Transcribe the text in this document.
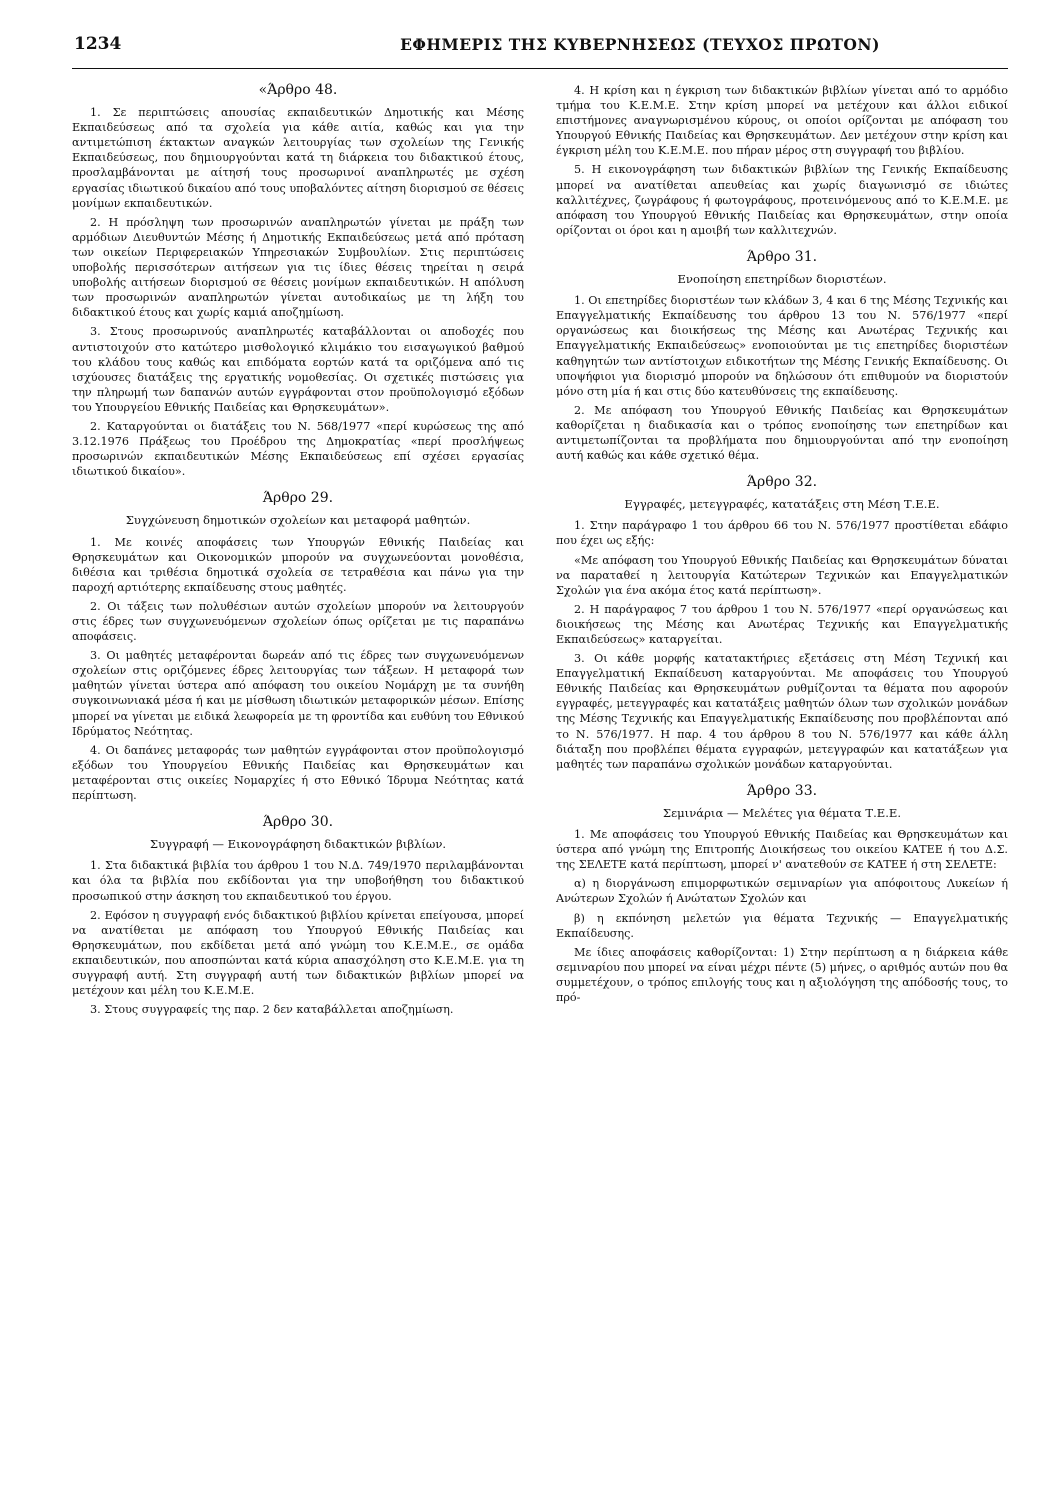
1234	ΕΦΗΜΕΡΙΣ ΤΗΣ ΚΥΒΕΡΝΗΣΕΩΣ (ΤΕΥΧΟΣ ΠΡΩΤΟΝ)

«Άρθρο 48.

1. Σε περιπτώσεις απουσίας εκπαιδευτικών Δημοτικής και Μέσης Εκπαιδεύσεως από τα σχολεία για κάθε αιτία, καθώς και για την αντιμετώπιση έκτακτων αναγκών λειτουργίας των σχολείων της Γενικής Εκπαιδεύσεως, που δημιουργούνται κατά τη διάρκεια του διδακτικού έτους, προσλαμβάνονται με αίτησή τους προσωρινοί αναπληρωτές με σχέση εργασίας ιδιωτικού δικαίου από τους υποβαλόντες αίτηση διορισμού σε θέσεις μονίμων εκπαιδευτικών.

2. Η πρόσληψη των προσωρινών αναπληρωτών γίνεται με πράξη των αρμόδιων Διευθυντών Μέσης ή Δημοτικής Εκπαιδεύσεως μετά από πρόταση των οικείων Περιφερειακών Υπηρεσιακών Συμβουλίων. Στις περιπτώσεις υποβολής περισσότερων αιτήσεων για τις ίδιες θέσεις τηρείται η σειρά υποβολής αιτήσεων διορισμού σε θέσεις μονίμων εκπαιδευτικών. Η απόλυση των προσωρινών αναπληρωτών γίνεται αυτοδικαίως με τη λήξη του διδακτικού έτους και χωρίς καμιά αποζημίωση.

3. Στους προσωρινούς αναπληρωτές καταβάλλονται οι αποδοχές που αντιστοιχούν στο κατώτερο μισθολογικό κλιμάκιο του εισαγωγικού βαθμού του κλάδου τους καθώς και επιδόματα εορτών κατά τα οριζόμενα από τις ισχύουσες διατάξεις της εργατικής νομοθεσίας. Οι σχετικές πιστώσεις για την πληρωμή των δαπανών αυτών εγγράφονται στον προϋπολογισμό εξόδων του Υπουργείου Εθνικής Παιδείας και Θρησκευμάτων».

2. Καταργούνται οι διατάξεις του Ν. 568/1977 «περί κυρώσεως της από 3.12.1976 Πράξεως του Προέδρου της Δημοκρατίας «περί προσλήψεως προσωρινών εκπαιδευτικών Μέσης Εκπαιδεύσεως επί σχέσει εργασίας ιδιωτικού δικαίου».

Άρθρο 29.

Συγχώνευση δημοτικών σχολείων και μεταφορά μαθητών.

1. Με κοινές αποφάσεις των Υπουργών Εθνικής Παιδείας και Θρησκευμάτων και Οικονομικών μπορούν να συγχωνεύονται μονοθέσια, διθέσια και τριθέσια δημοτικά σχολεία σε τετραθέσια και πάνω για την παροχή αρτιότερης εκπαίδευσης στους μαθητές.

2. Οι τάξεις των πολυθέσιων αυτών σχολείων μπορούν να λειτουργούν στις έδρες των συγχωνευόμενων σχολείων όπως ορίζεται με τις παραπάνω αποφάσεις.

3. Οι μαθητές μεταφέρονται δωρεάν από τις έδρες των συγχωνευόμενων σχολείων στις οριζόμενες έδρες λειτουργίας των τάξεων. Η μεταφορά των μαθητών γίνεται ύστερα από απόφαση του οικείου Νομάρχη με τα συνήθη συγκοινωνιακά μέσα ή και με μίσθωση ιδιωτικών μεταφορικών μέσων. Επίσης μπορεί να γίνεται με ειδικά λεωφορεία με τη φροντίδα και ευθύνη του Εθνικού Ιδρύματος Νεότητας.

4. Οι δαπάνες μεταφοράς των μαθητών εγγράφονται στον προϋπολογισμό εξόδων του Υπουργείου Εθνικής Παιδείας και Θρησκευμάτων και μεταφέρονται στις οικείες Νομαρχίες ή στο Εθνικό Ίδρυμα Νεότητας κατά περίπτωση.

Άρθρο 30.

Συγγραφή — Εικονογράφηση διδακτικών βιβλίων.

1. Στα διδακτικά βιβλία του άρθρου 1 του Ν.Δ. 749/1970 περιλαμβάνονται και όλα τα βιβλία που εκδίδονται για την υποβοήθηση του διδακτικού προσωπικού στην άσκηση του εκπαιδευτικού του έργου.

2. Εφόσον η συγγραφή ενός διδακτικού βιβλίου κρίνεται επείγουσα, μπορεί να ανατίθεται με απόφαση του Υπουργού Εθνικής Παιδείας και Θρησκευμάτων, που εκδίδεται μετά από γνώμη του Κ.Ε.Μ.Ε., σε ομάδα εκπαιδευτικών, που αποσπώνται κατά κύρια απασχόληση στο Κ.Ε.Μ.Ε. για τη συγγραφή αυτή. Στη συγγραφή αυτή των διδακτικών βιβλίων μπορεί να μετέχουν και μέλη του Κ.Ε.Μ.Ε.

3. Στους συγγραφείς της παρ. 2 δεν καταβάλλεται αποζημίωση.

4. Η κρίση και η έγκριση των διδακτικών βιβλίων γίνεται από το αρμόδιο τμήμα του Κ.Ε.Μ.Ε. Στην κρίση μπορεί να μετέχουν και άλλοι ειδικοί επιστήμονες αναγνωρισμένου κύρους, οι οποίοι ορίζονται με απόφαση του Υπουργού Εθνικής Παιδείας και Θρησκευμάτων. Δεν μετέχουν στην κρίση και έγκριση μέλη του Κ.Ε.Μ.Ε. που πήραν μέρος στη συγγραφή του βιβλίου.

5. Η εικονογράφηση των διδακτικών βιβλίων της Γενικής Εκπαίδευσης μπορεί να ανατίθεται απευθείας και χωρίς διαγωνισμό σε ιδιώτες καλλιτέχνες, ζωγράφους ή φωτογράφους, προτεινόμενους από το Κ.Ε.Μ.Ε. με απόφαση του Υπουργού Εθνικής Παιδείας και Θρησκευμάτων, στην οποία ορίζονται οι όροι και η αμοιβή των καλλιτεχνών.

Άρθρο 31.

Ενοποίηση επετηρίδων διοριστέων.

1. Οι επετηρίδες διοριστέων των κλάδων 3, 4 και 6 της Μέσης Τεχνικής και Επαγγελματικής Εκπαίδευσης του άρθρου 13 του Ν. 576/1977 «περί οργανώσεως και διοικήσεως της Μέσης και Ανωτέρας Τεχνικής και Επαγγελματικής Εκπαιδεύσεως» ενοποιούνται με τις επετηρίδες διοριστέων καθηγητών των αντίστοιχων ειδικοτήτων της Μέσης Γενικής Εκπαίδευσης. Οι υποψήφιοι για διορισμό μπορούν να δηλώσουν ότι επιθυμούν να διοριστούν μόνο στη μία ή και στις δύο κατευθύνσεις της εκπαίδευσης.

2. Με απόφαση του Υπουργού Εθνικής Παιδείας και Θρησκευμάτων καθορίζεται η διαδικασία και ο τρόπος ενοποίησης των επετηρίδων και αντιμετωπίζονται τα προβλήματα που δημιουργούνται από την ενοποίηση αυτή καθώς και κάθε σχετικό θέμα.

Άρθρο 32.

Εγγραφές, μετεγγραφές, κατατάξεις στη Μέση Τ.Ε.Ε.

1. Στην παράγραφο 1 του άρθρου 66 του Ν. 576/1977 προστίθεται εδάφιο που έχει ως εξής:

«Με απόφαση του Υπουργού Εθνικής Παιδείας και Θρησκευμάτων δύναται να παραταθεί η λειτουργία Κατώτερων Τεχνικών και Επαγγελματικών Σχολών για ένα ακόμα έτος κατά περίπτωση».

2. Η παράγραφος 7 του άρθρου 1 του Ν. 576/1977 «περί οργανώσεως και διοικήσεως της Μέσης και Ανωτέρας Τεχνικής και Επαγγελματικής Εκπαιδεύσεως» καταργείται.

3. Οι κάθε μορφής κατατακτήριες εξετάσεις στη Μέση Τεχνική και Επαγγελματική Εκπαίδευση καταργούνται. Με αποφάσεις του Υπουργού Εθνικής Παιδείας και Θρησκευμάτων ρυθμίζονται τα θέματα που αφορούν εγγραφές, μετεγγραφές και κατατάξεις μαθητών όλων των σχολικών μονάδων της Μέσης Τεχνικής και Επαγγελματικής Εκπαίδευσης που προβλέπονται από το Ν. 576/1977. Η παρ. 4 του άρθρου 8 του Ν. 576/1977 και κάθε άλλη διάταξη που προβλέπει θέματα εγγραφών, μετεγγραφών και κατατάξεων για μαθητές των παραπάνω σχολικών μονάδων καταργούνται.

Άρθρο 33.

Σεμινάρια — Μελέτες για θέματα Τ.Ε.Ε.

1. Με αποφάσεις του Υπουργού Εθνικής Παιδείας και Θρησκευμάτων και ύστερα από γνώμη της Επιτροπής Διοικήσεως του οικείου ΚΑΤΕΕ ή του Δ.Σ. της ΣΕΛΕΤΕ κατά περίπτωση, μπορεί ν' ανατεθούν σε ΚΑΤΕΕ ή στη ΣΕΛΕΤΕ:

α) η διοργάνωση επιμορφωτικών σεμιναρίων για απόφοιτους Λυκείων ή Ανώτερων Σχολών ή Ανώτατων Σχολών και

β) η εκπόνηση μελετών για θέματα Τεχνικής — Επαγγελματικής Εκπαίδευσης.

Με ίδιες αποφάσεις καθορίζονται: 1) Στην περίπτωση α η διάρκεια κάθε σεμιναρίου που μπορεί να είναι μέχρι πέντε (5) μήνες, ο αριθμός αυτών που θα συμμετέχουν, ο τρόπος επιλογής τους και η αξιολόγηση της απόδοσής τους, το πρό-
